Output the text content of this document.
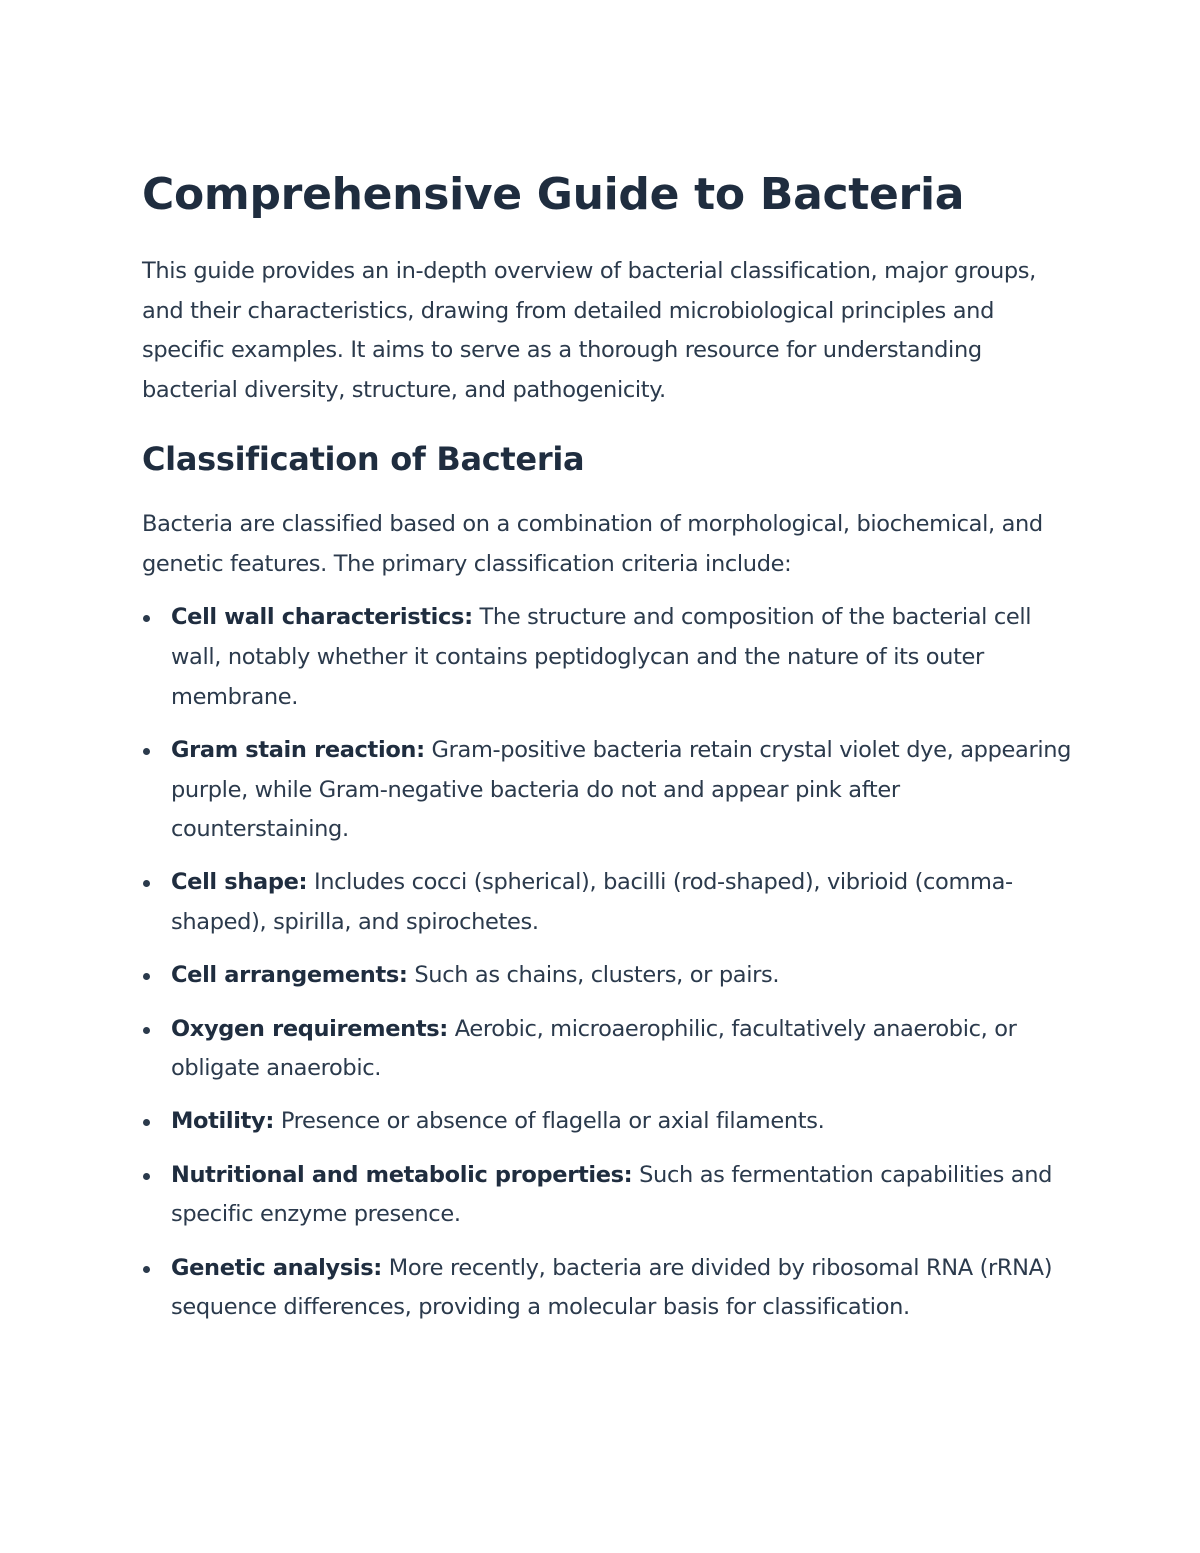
Comprehensive Guide to Bacteria

This guide provides an in-depth overview of bacterial classification, major groups, and their characteristics, drawing from detailed microbiological principles and specific examples. It aims to serve as a thorough resource for understanding bacterial diversity, structure, and pathogenicity.

Classification of Bacteria

Bacteria are classified based on a combination of morphological, biochemical, and genetic features. The primary classification criteria include:

Cell wall characteristics: The structure and composition of the bacterial cell wall, notably whether it contains peptidoglycan and the nature of its outer membrane.
Gram stain reaction: Gram-positive bacteria retain crystal violet dye, appearing purple, while Gram-negative bacteria do not and appear pink after counterstaining.
Cell shape: Includes cocci (spherical), bacilli (rod-shaped), vibrioid (comma-shaped), spirilla, and spirochetes.
Cell arrangements: Such as chains, clusters, or pairs.
Oxygen requirements: Aerobic, microaerophilic, facultatively anaerobic, or obligate anaerobic.
Motility: Presence or absence of flagella or axial filaments.
Nutritional and metabolic properties: Such as fermentation capabilities and specific enzyme presence.
Genetic analysis: More recently, bacteria are divided by ribosomal RNA (rRNA) sequence differences, providing a molecular basis for classification.
